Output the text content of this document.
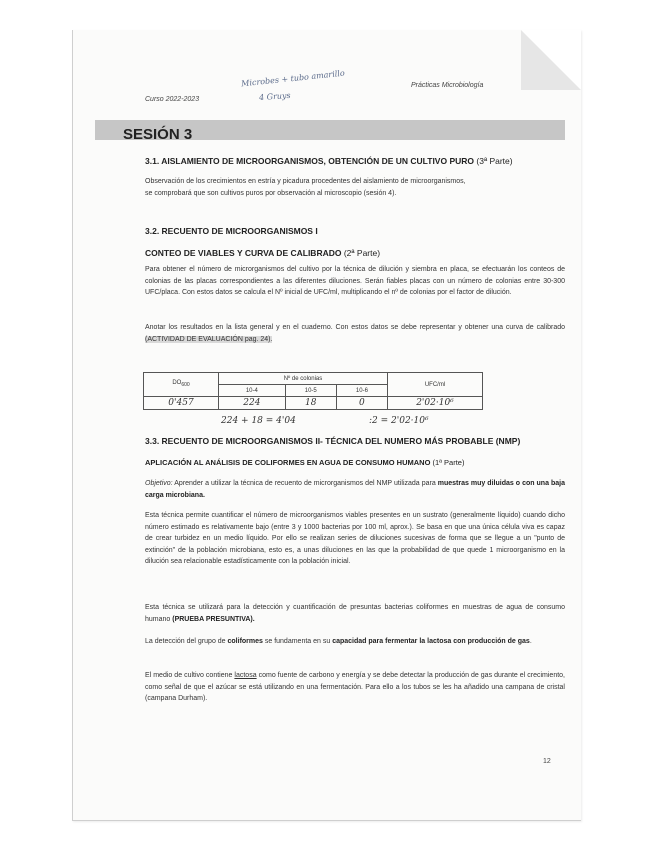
Curso 2022-2023
Microbes + tubo amarillo
4 Gruys
Prácticas Microbiología
SESIÓN 3
3.1. AISLAMIENTO DE MICROORGANISMOS, OBTENCIÓN DE UN CULTIVO PURO (3ª Parte)
Observación de los crecimientos en estría y picadura procedentes del aislamiento de microorganismos,
se comprobará que son cultivos puros por observación al microscopio (sesión 4).
3.2. RECUENTO DE MICROORGANISMOS I
CONTEO DE VIABLES Y CURVA DE CALIBRADO (2ª Parte)
Para obtener el número de microrganismos del cultivo por la técnica de dilución y siembra en placa, se efectuarán los conteos de colonias de las placas correspondientes a las diferentes diluciones. Serán fiables placas con un número de colonias entre 30-300 UFC/placa. Con estos datos se calcula el Nº inicial de UFC/ml, multiplicando el nº de colonias por el factor de dilución.
Anotar los resultados en la lista general y en el cuaderno. Con estos datos se debe representar y obtener una curva de calibrado (ACTIVIDAD DE EVALUACIÓN pag. 24).
$DO_{600}$	Nº de colonias			UFC/ml
	10-4	10-5	10-6	
0'457	224	18	0	2'02·10⁶
224 + 18 = 4'04	:2 = 2'02·10⁶
3.3. RECUENTO DE MICROORGANISMOS II- TÉCNICA DEL NUMERO MÁS PROBABLE (NMP)
APLICACIÓN AL ANÁLISIS DE COLIFORMES EN AGUA DE CONSUMO HUMANO (1ª Parte)
Objetivo: Aprender a utilizar la técnica de recuento de microrganismos del NMP utilizada para muestras muy diluidas o con una baja carga microbiana.
Esta técnica permite cuantificar el número de microorganismos viables presentes en un sustrato (generalmente líquido) cuando dicho número estimado es relativamente bajo (entre 3 y 1000 bacterias por 100 ml, aprox.). Se basa en que una única célula viva es capaz de crear turbidez en un medio líquido. Por ello se realizan series de diluciones sucesivas de forma que se llegue a un "punto de extinción" de la población microbiana, esto es, a unas diluciones en las que la probabilidad de que quede 1 microorganismo en la dilución sea relacionable estadísticamente con la población inicial.
Esta técnica se utilizará para la detección y cuantificación de presuntas bacterias coliformes en muestras de agua de consumo humano (PRUEBA PRESUNTIVA).
La detección del grupo de coliformes se fundamenta en su capacidad para fermentar la lactosa con producción de gas.
El medio de cultivo contiene lactosa como fuente de carbono y energía y se debe detectar la producción de gas durante el crecimiento, como señal de que el azúcar se está utilizando en una fermentación. Para ello a los tubos se les ha añadido una campana de cristal (campana Durham).
12
